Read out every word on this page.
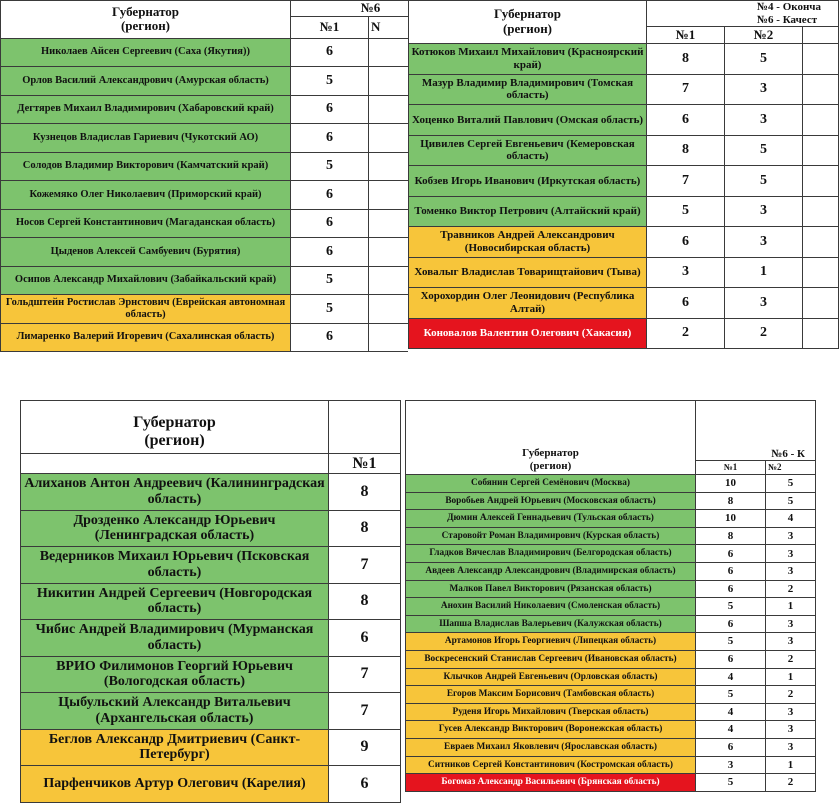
Губернатор
(регион)	№6	
	№1	N
Николаев Айсен Сергеевич (Саха (Якутия))	6	
Орлов Василий Александрович (Амурская область)	5	
Дегтярев Михаил Владимирович (Хабаровский край)	6	
Кузнецов Владислав Гариевич (Чукотский АО)	6	
Солодов Владимир Викторович (Камчатский край)	5	
Кожемяко Олег Николаевич (Приморский край)	6	
Носов Сергей Константинович (Магаданская область)	6	
Цыденов Алексей Самбуевич (Бурятия)	6	
Осипов Александр Михайлович (Забайкальский край)	5	
Гольдштейн Ростислав Эрнстович (Еврейская автономная область)	5	
Лимаренко Валерий Игоревич (Сахалинская область)	6	
Губернатор
(регион)	№4 - Оконча
№6 - Качест		
	№1	№2	
Котюков Михаил Михайлович (Красноярский край)	8	5	
Мазур Владимир Владимирович (Томская область)	7	3	
Хоценко Виталий Павлович (Омская область)	6	3	
Цивилев Сергей Евгеньевич (Кемеровская область)	8	5	
Кобзев Игорь Иванович (Иркутская область)	7	5	
Томенко Виктор Петрович (Алтайский край)	5	3	
Травников Андрей Александрович (Новосибирская область)	6	3	
Ховалыг Владислав Товарищтайович (Тыва)	3	1	
Хорохордин Олег Леонидович (Республика Алтай)	6	3	
Коновалов Валентин Олегович (Хакасия)	2	2	
Губернатор
(регион)	
	№1
Алиханов Антон Андреевич (Калининградская область)	8
Дрозденко Александр Юрьевич (Ленинградская область)	8
Ведерников Михаил Юрьевич (Псковская область)	7
Никитин Андрей Сергеевич (Новгородская область)	8
Чибис Андрей Владимирович (Мурманская область)	6
ВРИО Филимонов Георгий Юрьевич (Вологодская область)	7
Цыбульский Александр Витальевич (Архангельская область)	7
Беглов Александр Дмитриевич (Санкт-Петербург)	9
Парфенчиков Артур Олегович (Карелия)	6
Губернатор
(регион)	№6 - К	
	№1	№2
Собянин Сергей Семёнович (Москва)	10	5
Воробьев Андрей Юрьевич (Московская область)	8	5
Дюмин Алексей Геннадьевич (Тульская область)	10	4
Старовойт Роман Владимирович (Курская область)	8	3
Гладков Вячеслав Владимирович (Белгородская область)	6	3
Авдеев Александр Александрович (Владимирская область)	6	3
Малков Павел Викторович (Рязанская область)	6	2
Анохин Василий Николаевич (Смоленская область)	5	1
Шапша Владислав Валерьевич (Калужская область)	6	3
Артамонов Игорь Георгиевич (Липецкая область)	5	3
Воскресенский Станислав Сергеевич (Ивановская область)	6	2
Клычков Андрей Евгеньевич (Орловская область)	4	1
Егоров Максим Борисович (Тамбовская область)	5	2
Руденя Игорь Михайлович (Тверская область)	4	3
Гусев Александр Викторович (Воронежская область)	4	3
Евраев Михаил Яковлевич (Ярославская область)	6	3
Ситников Сергей Константинович (Костромская область)	3	1
Богомаз Александр Васильевич (Брянская область)	5	2
